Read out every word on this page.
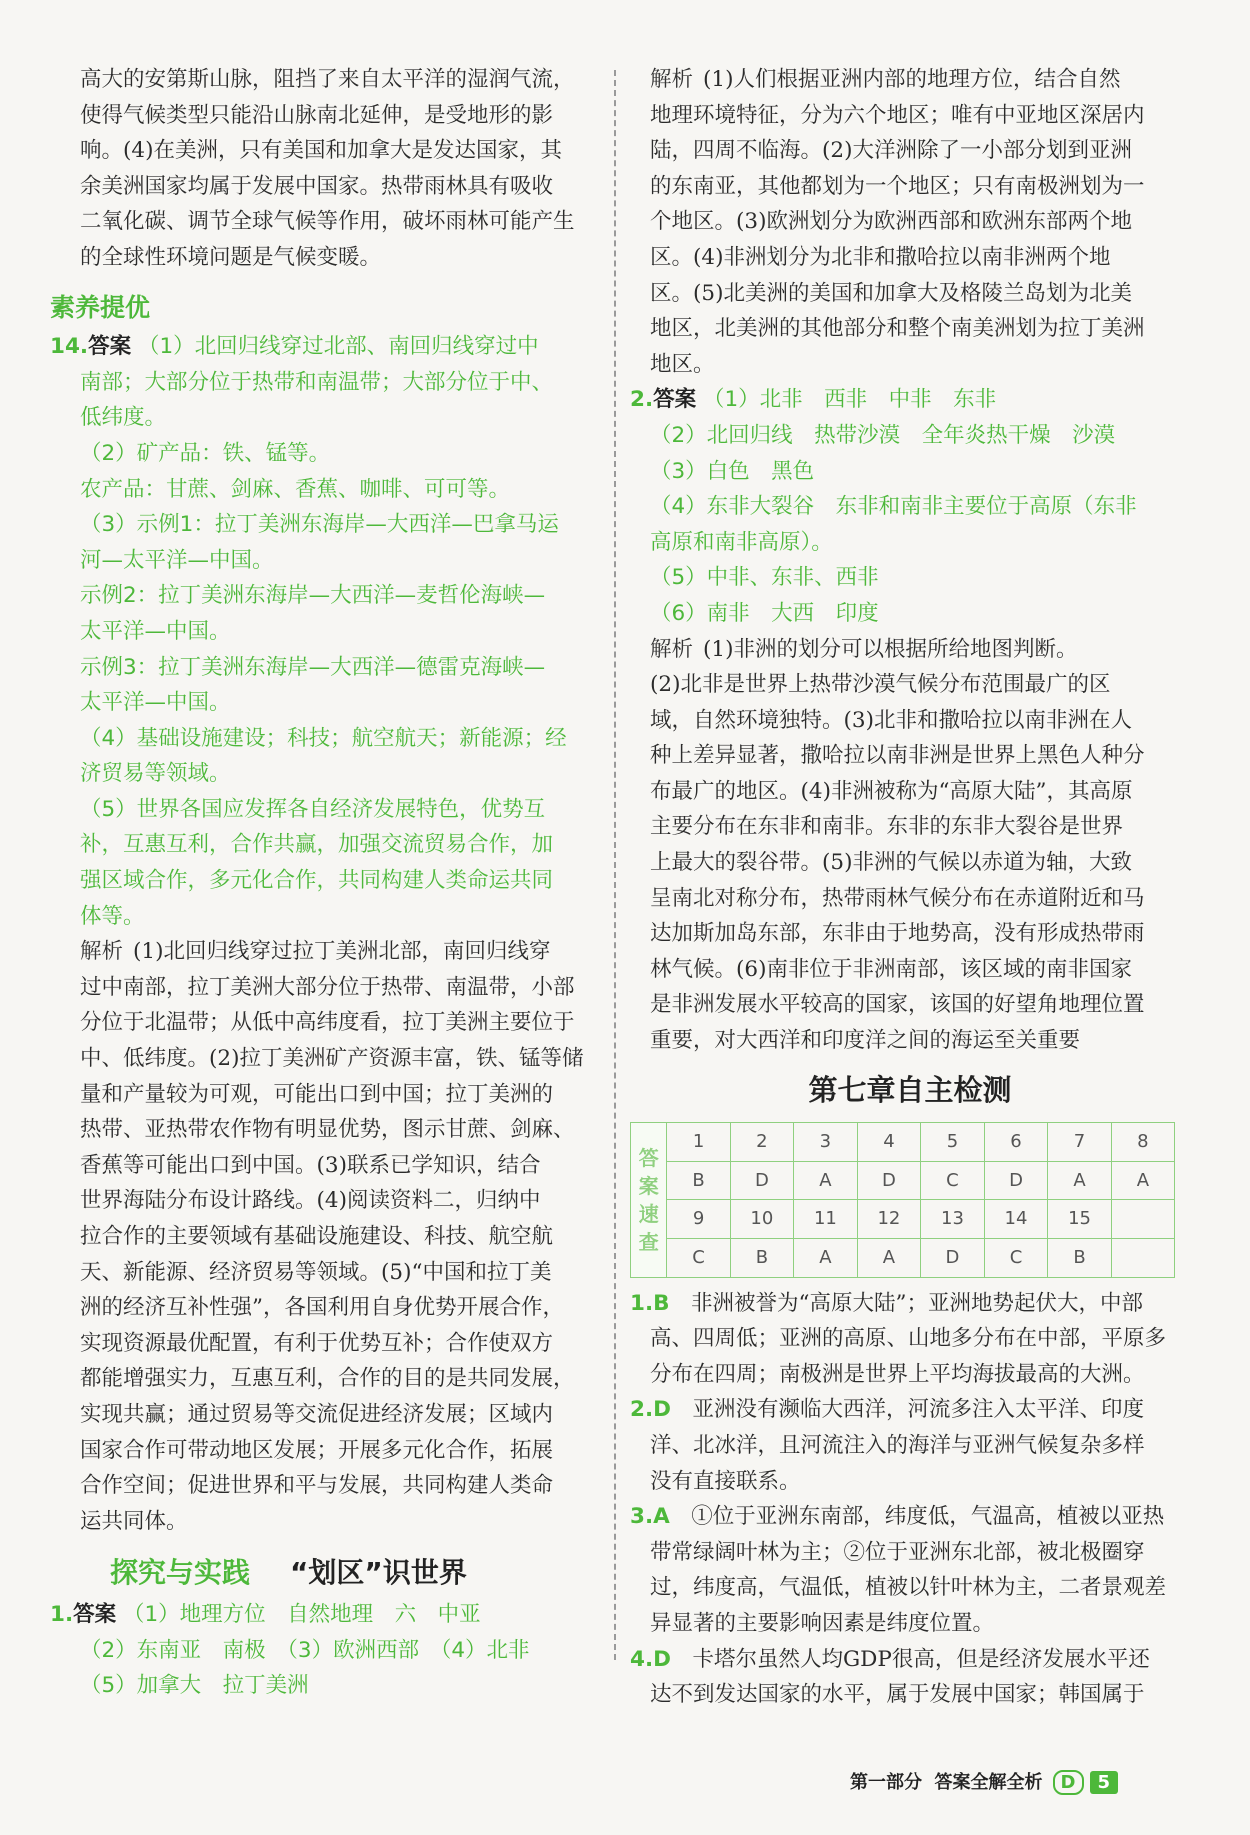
高大的安第斯山脉，阻挡了来自太平洋的湿润气流，

使得气候类型只能沿山脉南北延伸，是受地形的影

响。(4)在美洲，只有美国和加拿大是发达国家，其

余美洲国家均属于发展中国家。热带雨林具有吸收

二氧化碳、调节全球气候等作用，破坏雨林可能产生

的全球性环境问题是气候变暖。

素养提优

14.答案 （1）北回归线穿过北部、南回归线穿过中

南部；大部分位于热带和南温带；大部分位于中、

低纬度。

（2）矿产品：铁、锰等。

农产品：甘蔗、剑麻、香蕉、咖啡、可可等。

（3）示例1：拉丁美洲东海岸—大西洋—巴拿马运

河—太平洋—中国。

示例2：拉丁美洲东海岸—大西洋—麦哲伦海峡—

太平洋—中国。

示例3：拉丁美洲东海岸—大西洋—德雷克海峡—

太平洋—中国。

（4）基础设施建设；科技；航空航天；新能源；经

济贸易等领域。

（5）世界各国应发挥各自经济发展特色，优势互

补，互惠互利，合作共赢，加强交流贸易合作，加

强区域合作，多元化合作，共同构建人类命运共同

体等。

解析 (1)北回归线穿过拉丁美洲北部，南回归线穿

过中南部，拉丁美洲大部分位于热带、南温带，小部

分位于北温带；从低中高纬度看，拉丁美洲主要位于

中、低纬度。(2)拉丁美洲矿产资源丰富，铁、锰等储

量和产量较为可观，可能出口到中国；拉丁美洲的

热带、亚热带农作物有明显优势，图示甘蔗、剑麻、

香蕉等可能出口到中国。(3)联系已学知识，结合

世界海陆分布设计路线。(4)阅读资料二，归纳中

拉合作的主要领域有基础设施建设、科技、航空航

天、新能源、经济贸易等领域。(5)“中国和拉丁美

洲的经济互补性强”，各国利用自身优势开展合作，

实现资源最优配置，有利于优势互补；合作使双方

都能增强实力，互惠互利，合作的目的是共同发展，

实现共赢；通过贸易等交流促进经济发展；区域内

国家合作可带动地区发展；开展多元化合作，拓展

合作空间；促进世界和平与发展，共同构建人类命

运共同体。

探究与实践 “划区”识世界

1.答案 （1）地理方位　自然地理　六　中亚

（2）东南亚　南极　（3）欧洲西部　（4）北非

（5）加拿大　拉丁美洲

解析 (1)人们根据亚洲内部的地理方位，结合自然

地理环境特征，分为六个地区；唯有中亚地区深居内

陆，四周不临海。(2)大洋洲除了一小部分划到亚洲

的东南亚，其他都划为一个地区；只有南极洲划为一

个地区。(3)欧洲划分为欧洲西部和欧洲东部两个地

区。(4)非洲划分为北非和撒哈拉以南非洲两个地

区。(5)北美洲的美国和加拿大及格陵兰岛划为北美

地区，北美洲的其他部分和整个南美洲划为拉丁美洲

地区。

2.答案 （1）北非　西非　中非　东非

（2）北回归线　热带沙漠　全年炎热干燥　沙漠

（3）白色　黑色

（4）东非大裂谷　东非和南非主要位于高原（东非

高原和南非高原）。

（5）中非、东非、西非

（6）南非　大西　印度

解析 (1)非洲的划分可以根据所给地图判断。

(2)北非是世界上热带沙漠气候分布范围最广的区

域，自然环境独特。(3)北非和撒哈拉以南非洲在人

种上差异显著，撒哈拉以南非洲是世界上黑色人种分

布最广的地区。(4)非洲被称为“高原大陆”，其高原

主要分布在东非和南非。东非的东非大裂谷是世界

上最大的裂谷带。(5)非洲的气候以赤道为轴，大致

呈南北对称分布，热带雨林气候分布在赤道附近和马

达加斯加岛东部，东非由于地势高，没有形成热带雨

林气候。(6)南非位于非洲南部，该区域的南非国家

是非洲发展水平较高的国家，该国的好望角地理位置

重要，对大西洋和印度洋之间的海运至关重要

第七章自主检测
答案速查	1	2	3	4	5	6	7	8
	B	D	A	D	C	D	A	A
	9	10	11	12	13	14	15	
	C	B	A	A	D	C	B	

1.B　 非洲被誉为“高原大陆”；亚洲地势起伏大，中部

高、四周低；亚洲的高原、山地多分布在中部，平原多

分布在四周；南极洲是世界上平均海拔最高的大洲。

2.D　 亚洲没有濒临大西洋，河流多注入太平洋、印度

洋、北冰洋，且河流注入的海洋与亚洲气候复杂多样

没有直接联系。

3.A　 ①位于亚洲东南部，纬度低，气温高，植被以亚热

带常绿阔叶林为主；②位于亚洲东北部，被北极圈穿

过，纬度高，气温低，植被以针叶林为主，二者景观差

异显著的主要影响因素是纬度位置。

4.D　 卡塔尔虽然人均GDP很高，但是经济发展水平还

达不到发达国家的水平，属于发展中国家；韩国属于

第一部分 答案全解全析 D 5
